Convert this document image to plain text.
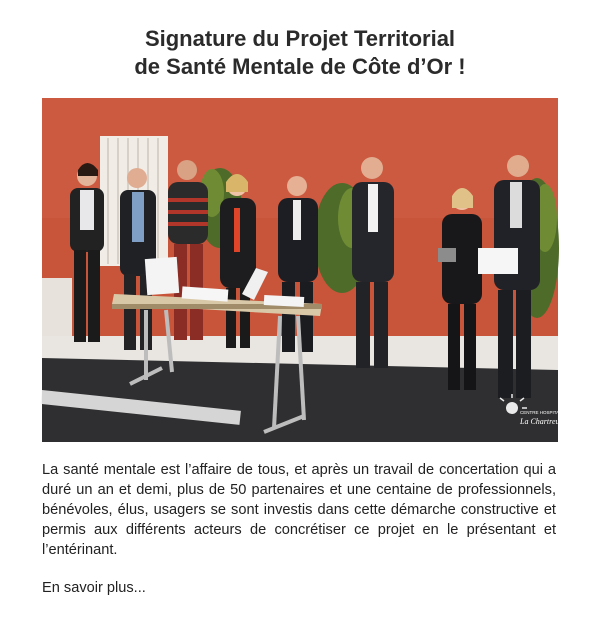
Signature du Projet Territorial
de Santé Mentale de Côte d’Or !
CENTRE HOSPITALIER
La Chartreuse
La santé mentale est l’affaire de tous, et après un travail de concertation qui a duré un an et demi, plus de 50 partenaires et une centaine de professionnels, bénévoles, élus, usagers se sont investis dans cette démarche constructive et permis aux différents acteurs de concrétiser ce projet en le présentant et l’entérinant.
En savoir plus...
